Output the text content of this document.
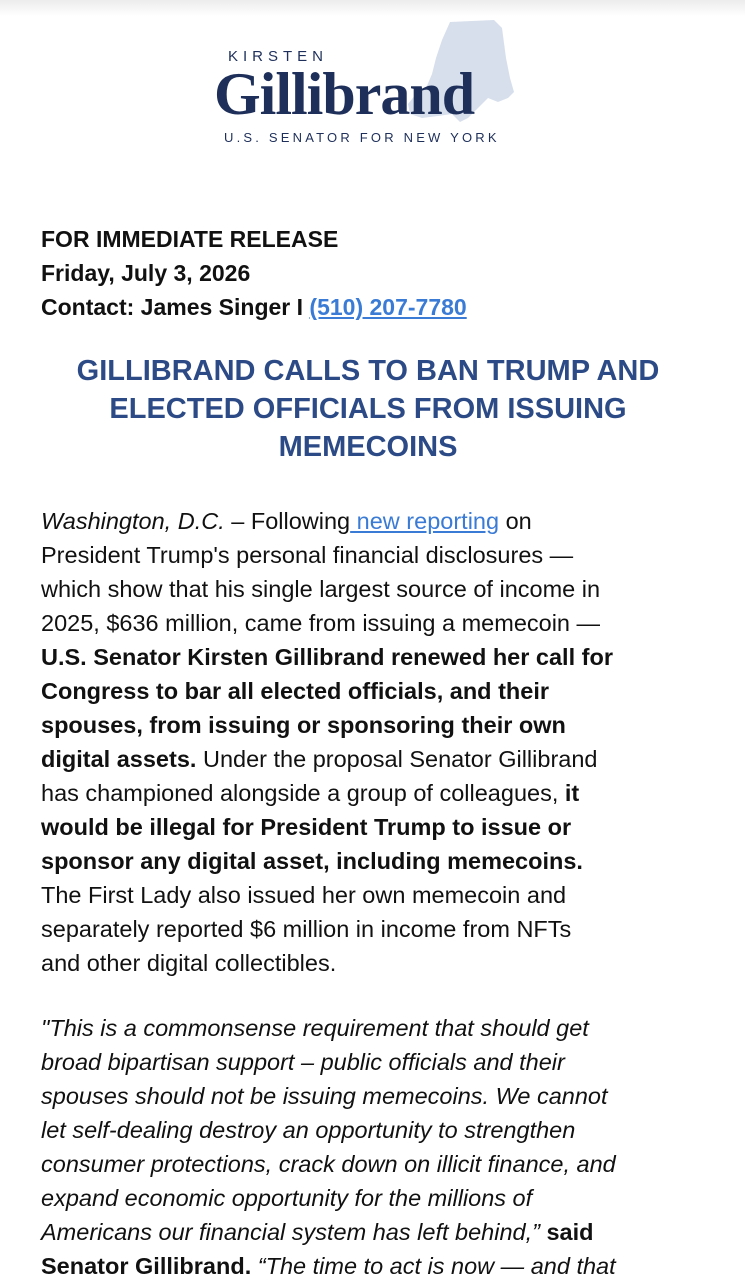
KIRSTEN
Gillibrand
U.S. SENATOR FOR NEW YORK
FOR IMMEDIATE RELEASE
Friday, July 3, 2026
Contact: James Singer I (510) 207-7780
GILLIBRAND CALLS TO BAN TRUMP AND
ELECTED OFFICIALS FROM ISSUING
MEMECOINS
Washington, D.C. – Following new reporting on
President Trump's personal financial disclosures —
which show that his single largest source of income in
2025, $636 million, came from issuing a memecoin —
U.S. Senator Kirsten Gillibrand renewed her call for
Congress to bar all elected officials, and their
spouses, from issuing or sponsoring their own
digital assets. Under the proposal Senator Gillibrand
has championed alongside a group of colleagues, it
would be illegal for President Trump to issue or
sponsor any digital asset, including memecoins.
The First Lady also issued her own memecoin and
separately reported $6 million in income from NFTs
and other digital collectibles.
"This is a commonsense requirement that should get
broad bipartisan support – public officials and their
spouses should not be issuing memecoins. We cannot
let self-dealing destroy an opportunity to strengthen
consumer protections, crack down on illicit finance, and
expand economic opportunity for the millions of
Americans our financial system has left behind,” said
Senator Gillibrand. “The time to act is now — and that
